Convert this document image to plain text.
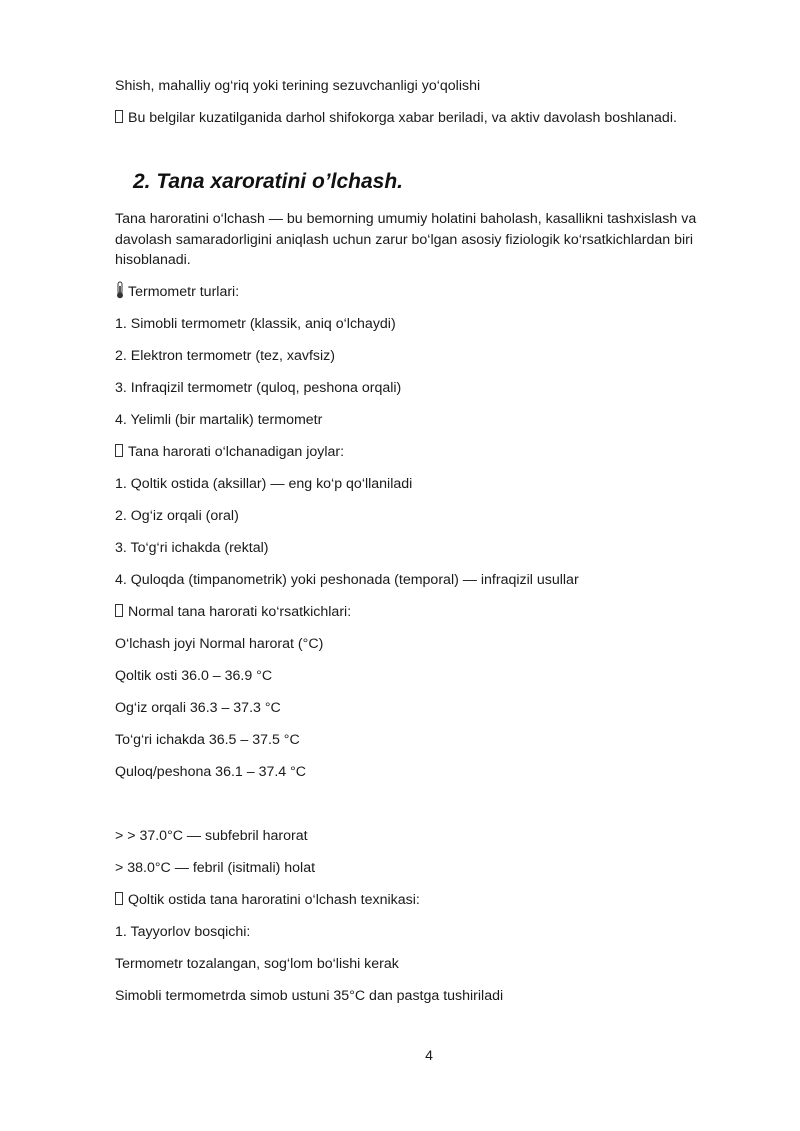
Shish, mahalliy og‘riq yoki terining sezuvchanligi yo‘qolishi

Bu belgilar kuzatilganida darhol shifokorga xabar beriladi, va aktiv davolash boshlanadi.

2. Tana xaroratini o’lchash.

Tana haroratini o‘lchash — bu bemorning umumiy holatini baholash, kasallikni tashxislash va davolash samaradorligini aniqlash uchun zarur bo‘lgan asosiy fiziologik ko‘rsatkichlardan biri hisoblanadi.

Termometr turlari:

1. Simobli termometr (klassik, aniq o‘lchaydi)

2. Elektron termometr (tez, xavfsiz)

3. Infraqizil termometr (quloq, peshona orqali)

4. Yelimli (bir martalik) termometr

Tana harorati o‘lchanadigan joylar:

1. Qoltik ostida (aksillar) — eng ko‘p qo‘llaniladi

2. Og‘iz orqali (oral)

3. To‘g‘ri ichakda (rektal)

4. Quloqda (timpanometrik) yoki peshonada (temporal) — infraqizil usullar

Normal tana harorati ko‘rsatkichlari:

O‘lchash joyi Normal harorat (°C)

Qoltik osti 36.0 – 36.9 °C

Og‘iz orqali 36.3 – 37.3 °C

To‘g‘ri ichakda 36.5 – 37.5 °C

Quloq/peshona 36.1 – 37.4 °C

> > 37.0°C — subfebril harorat

> 38.0°C — febril (isitmali) holat

Qoltik ostida tana haroratini o‘lchash texnikasi:

1. Tayyorlov bosqichi:

Termometr tozalangan, sog‘lom bo‘lishi kerak

Simobli termometrda simob ustuni 35°C dan pastga tushiriladi

4
